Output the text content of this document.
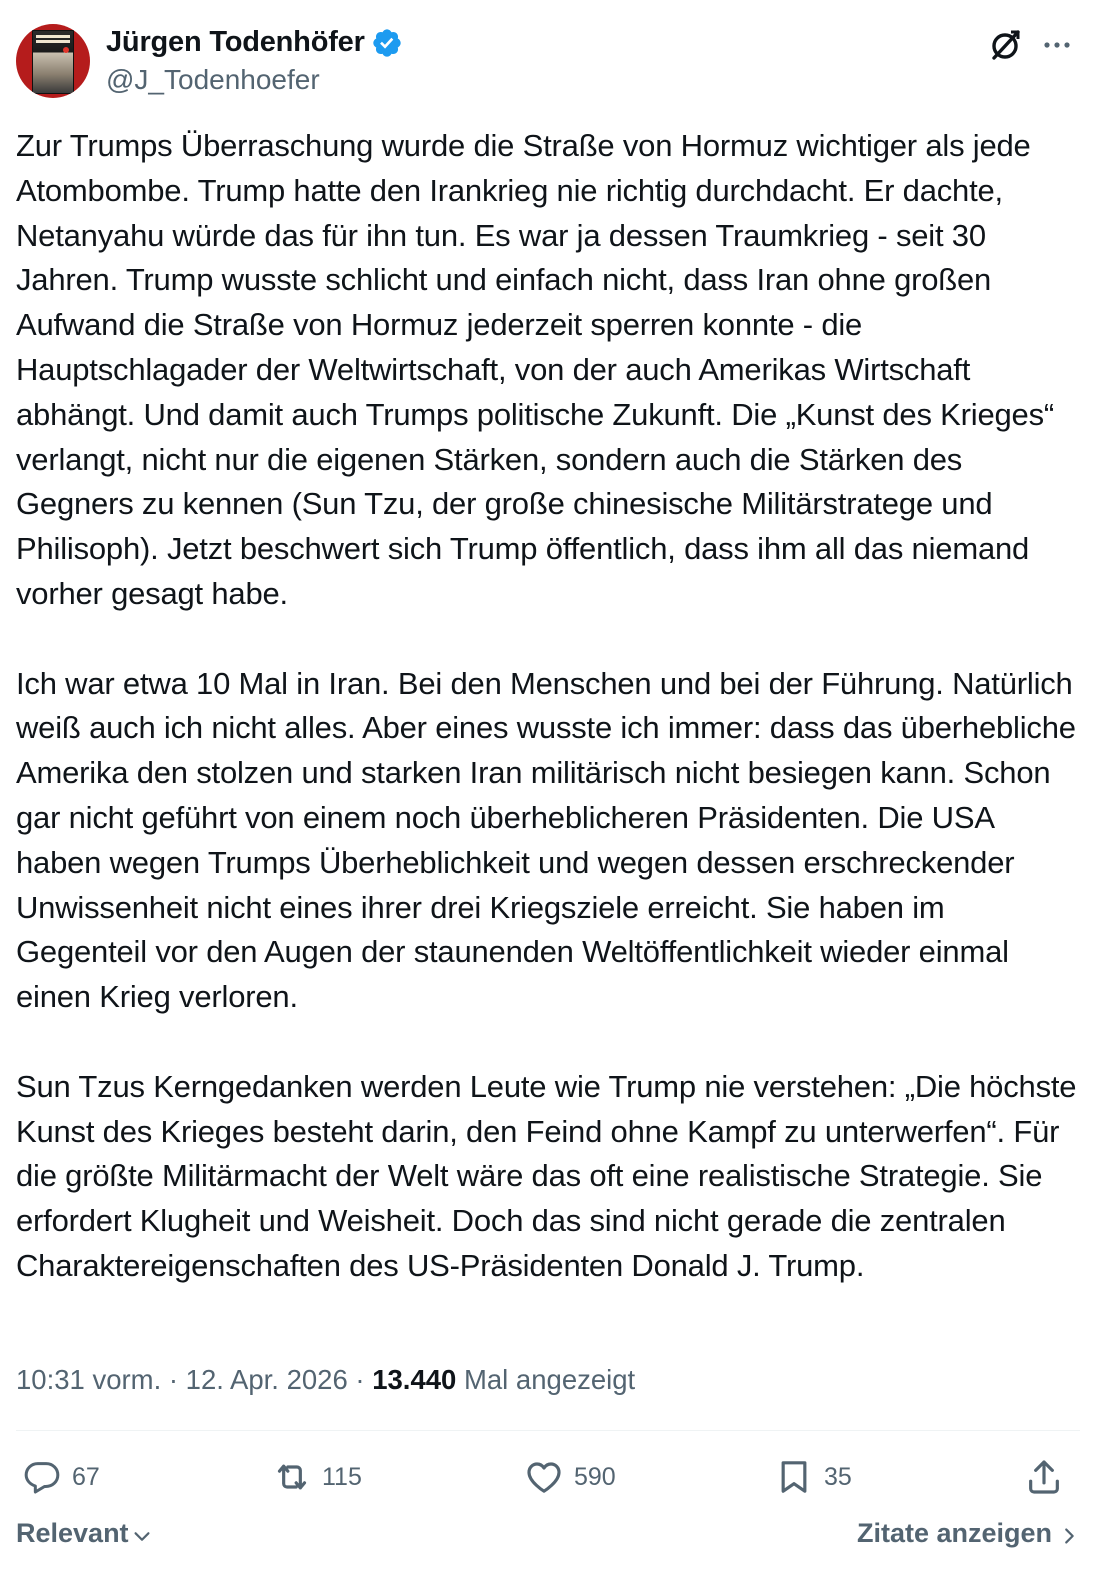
Jürgen Todenhöfer
@J_Todenhoefer
Zur Trumps Überraschung wurde die Straße von Hormuz wichtiger als jede Atombombe. Trump hatte den Irankrieg nie richtig durchdacht. Er dachte, Netanyahu würde das für ihn tun. Es war ja dessen Traumkrieg - seit 30 Jahren. Trump wusste schlicht und einfach nicht, dass Iran ohne großen Aufwand die Straße von Hormuz jederzeit sperren konnte - die Hauptschlagader der Weltwirtschaft, von der auch Amerikas Wirtschaft abhängt. Und damit auch Trumps politische Zukunft. Die „Kunst des Krieges“ verlangt, nicht nur die eigenen Stärken, sondern auch die Stärken des Gegners zu kennen (Sun Tzu, der große chinesische Militärstratege und Philisoph). Jetzt beschwert sich Trump öffentlich, dass ihm all das niemand vorher gesagt habe.

Ich war etwa 10 Mal in Iran. Bei den Menschen und bei der Führung. Natürlich weiß auch ich nicht alles. Aber eines wusste ich immer: dass das überhebliche Amerika den stolzen und starken Iran militärisch nicht besiegen kann. Schon gar nicht geführt von einem noch überheblicheren Präsidenten. Die USA haben wegen Trumps Überheblichkeit und wegen dessen erschreckender Unwissenheit nicht eines ihrer drei Kriegsziele erreicht. Sie haben im Gegenteil vor den Augen der staunenden Weltöffentlichkeit wieder einmal einen Krieg verloren.

Sun Tzus Kerngedanken werden Leute wie Trump nie verstehen: „Die höchste Kunst des Krieges besteht darin, den Feind ohne Kampf zu unterwerfen“. Für die größte Militärmacht der Welt wäre das oft eine realistische Strategie. Sie erfordert Klugheit und Weisheit. Doch das sind nicht gerade die zentralen Charaktereigenschaften des US-Präsidenten Donald J. Trump.
10:31 vorm. · 12. Apr. 2026 · 13.440 Mal angezeigt
67	115	590	35
Relevant	Zitate anzeigen
